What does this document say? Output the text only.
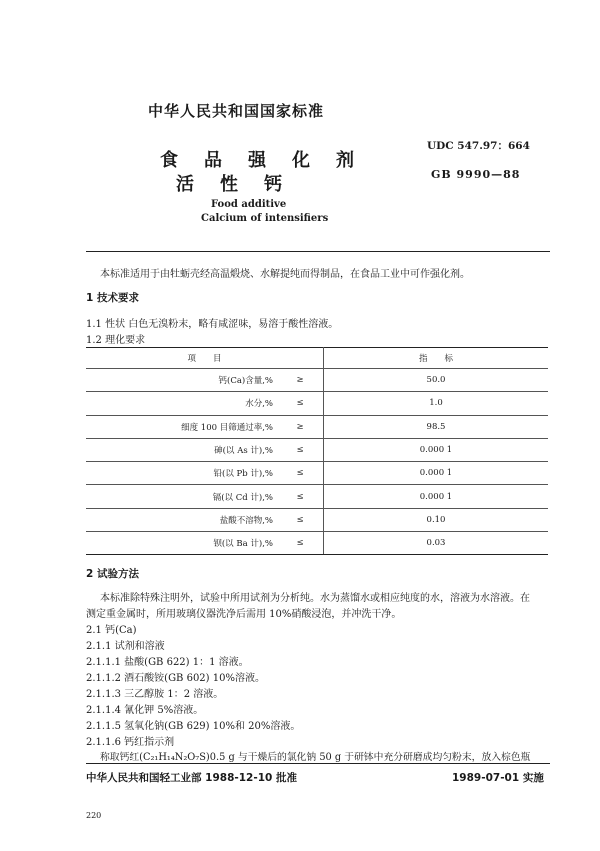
中华人民共和国国家标准
食品强化剂
活性钙
UDC 547.97：664
GB 9990—88
Food additive
Calcium of intensifiers
本标准适用于由牡蛎壳经高温煅烧、水解提纯而得制品，在食品工业中可作强化剂。
1 技术要求
1.1 性状 白色无溴粉末，略有咸涩味，易溶于酸性溶液。
1.2 理化要求
项　　目		指　　标
钙(Ca)含量,%	≥	50.0
水分,%	≤	1.0
细度 100 目筛通过率,%	≥	98.5
砷(以 As 计),%	≤	0.000 1
铅(以 Pb 计),%	≤	0.000 1
镉(以 Cd 计),%	≤	0.000 1
盐酸不溶物,%	≤	0.10
钡(以 Ba 计),%	≤	0.03
2 试验方法
本标准除特殊注明外，试验中所用试剂为分析纯。水为蒸馏水或相应纯度的水，溶液为水溶液。在
测定重金属时，所用玻璃仪器洗净后需用 10%硝酸浸泡，并冲洗干净。
2.1 钙(Ca)
2.1.1 试剂和溶液
2.1.1.1 盐酸(GB 622) 1：1 溶液。
2.1.1.2 酒石酸铵(GB 602) 10%溶液。
2.1.1.3 三乙醇胺 1：2 溶液。
2.1.1.4 氰化钾 5%溶液。
2.1.1.5 氢氧化钠(GB 629) 10%和 20%溶液。
2.1.1.6 钙红指示剂
称取钙红(C₂₁H₁₄N₂O₇S)0.5 g 与干燥后的氯化钠 50 g 于研钵中充分研磨成均匀粉末，放入棕色瓶
中华人民共和国轻工业部 1988-12-10 批准	1989-07-01 实施
220
